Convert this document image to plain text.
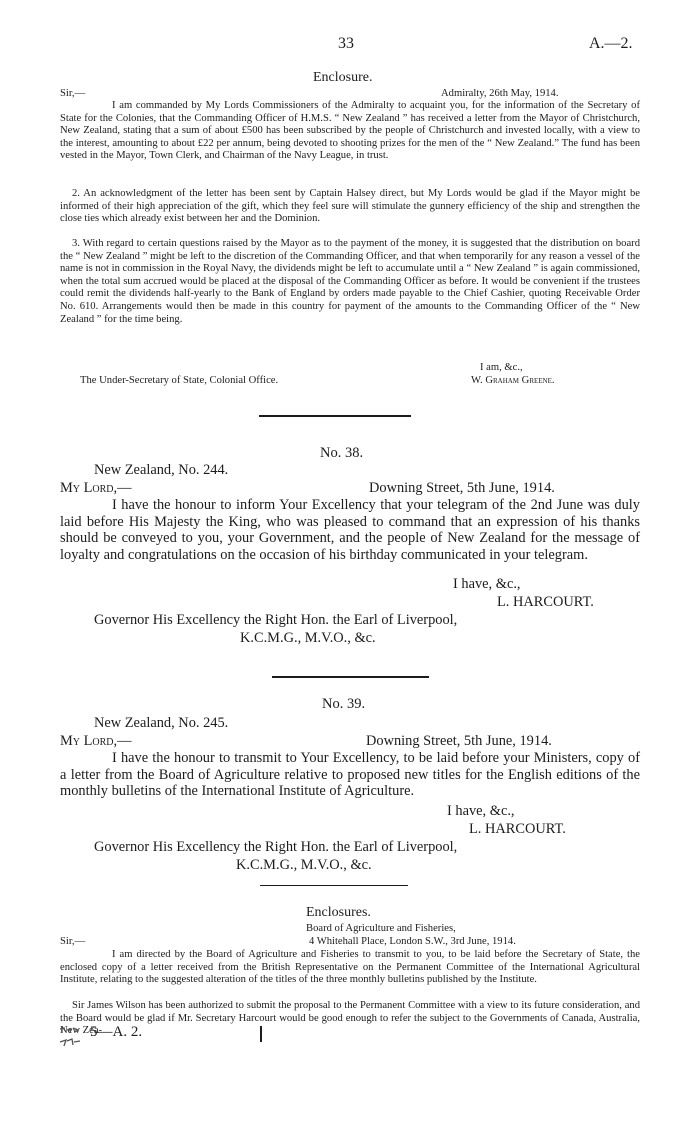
33	A.—2.
Enclosure.
Sir,—	Admiralty, 26th May, 1914.
I am commanded by My Lords Commissioners of the Admiralty to acquaint you, for the information of the Secretary of State for the Colonies, that the Commanding Officer of H.M.S. “ New Zealand ” has received a letter from the Mayor of Christchurch, New Zealand, stating that a sum of about £500 has been subscribed by the people of Christchurch and invested locally, with a view to the interest, amounting to about £22 per annum, being devoted to shooting prizes for the men of the “ New Zealand.” The fund has been vested in the Mayor, Town Clerk, and Chairman of the Navy League, in trust.
2. An acknowledgment of the letter has been sent by Captain Halsey direct, but My Lords would be glad if the Mayor might be informed of their high appreciation of the gift, which they feel sure will stimulate the gunnery efficiency of the ship and strengthen the close ties which already exist between her and the Dominion.
3. With regard to certain questions raised by the Mayor as to the payment of the money, it is suggested that the distribution on board the “ New Zealand ” might be left to the discretion of the Commanding Officer, and that when temporarily for any reason a vessel of the name is not in commission in the Royal Navy, the dividends might be left to accumulate until a “ New Zealand ” is again commissioned, when the total sum accrued would be placed at the disposal of the Commanding Officer as before. It would be convenient if the trustees could remit the dividends half-yearly to the Bank of England by orders made payable to the Chief Cashier, quoting Receivable Order No. 610. Arrangements would then be made in this country for payment of the amounts to the Commanding Officer of the “ New Zealand ” for the time being.
I am, &c.,
The Under-Secretary of State, Colonial Office.	W. Graham Greene.
No. 38.
New Zealand, No. 244.
My Lord,—	Downing Street, 5th June, 1914.
I have the honour to inform Your Excellency that your telegram of the 2nd June was duly laid before His Majesty the King, who was pleased to command that an expression of his thanks should be conveyed to you, your Government, and the people of New Zealand for the message of loyalty and congratulations on the occasion of his birthday communicated in your telegram.
I have, &c.,
L. HARCOURT.
Governor His Excellency the Right Hon. the Earl of Liverpool,
K.C.M.G., M.V.O., &c.
No. 39.
New Zealand, No. 245.
My Lord,—	Downing Street, 5th June, 1914.
I have the honour to transmit to Your Excellency, to be laid before your Ministers, copy of a letter from the Board of Agriculture relative to proposed new titles for the English editions of the monthly bulletins of the International Institute of Agriculture.
I have, &c.,
L. HARCOURT.
Governor His Excellency the Right Hon. the Earl of Liverpool,
K.C.M.G., M.V.O., &c.
Enclosures.
Board of Agriculture and Fisheries,
Sir,—	4 Whitehall Place, London S.W., 3rd June, 1914.
I am directed by the Board of Agriculture and Fisheries to transmit to you, to be laid before the Secretary of State, the enclosed copy of a letter received from the British Representative on the Permanent Committee of the International Agricultural Institute, relating to the suggested alteration of the titles of the three monthly bulletins published by the Institute.
Sir James Wilson has been authorized to submit the proposal to the Permanent Committee with a view to its future consideration, and the Board would be glad if Mr. Secretary Harcourt would be good enough to refer the subject to the Governments of Canada, Australia, New Zea-
5—A. 2.
